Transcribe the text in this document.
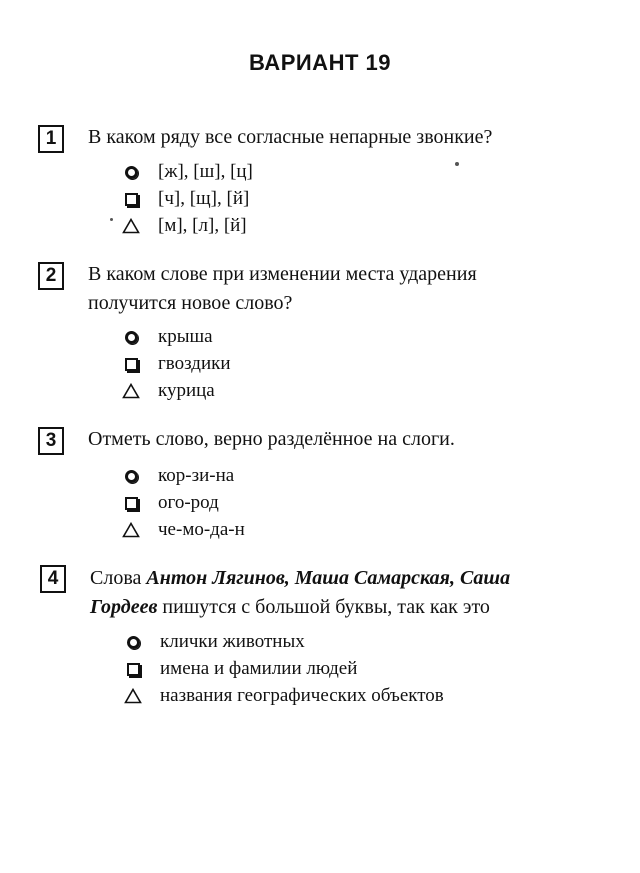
ВАРИАНТ 19
1	В каком ряду все согласные непарные звонкие?
[ж], [ш], [ц]
[ч], [щ], [й]
[м], [л], [й]
2	В каком слове при изменении места ударения
получится новое слово?
крыша
гвоздики
курица
3	Отметь слово, верно разделённое на слоги.
кор-зи-на
ого-род
че-мо-да-н
4	Слова Антон Лягинов, Маша Самарская, Саша
Гордеев пишутся с большой буквы, так как это
клички животных
имена и фамилии людей
названия географических объектов
